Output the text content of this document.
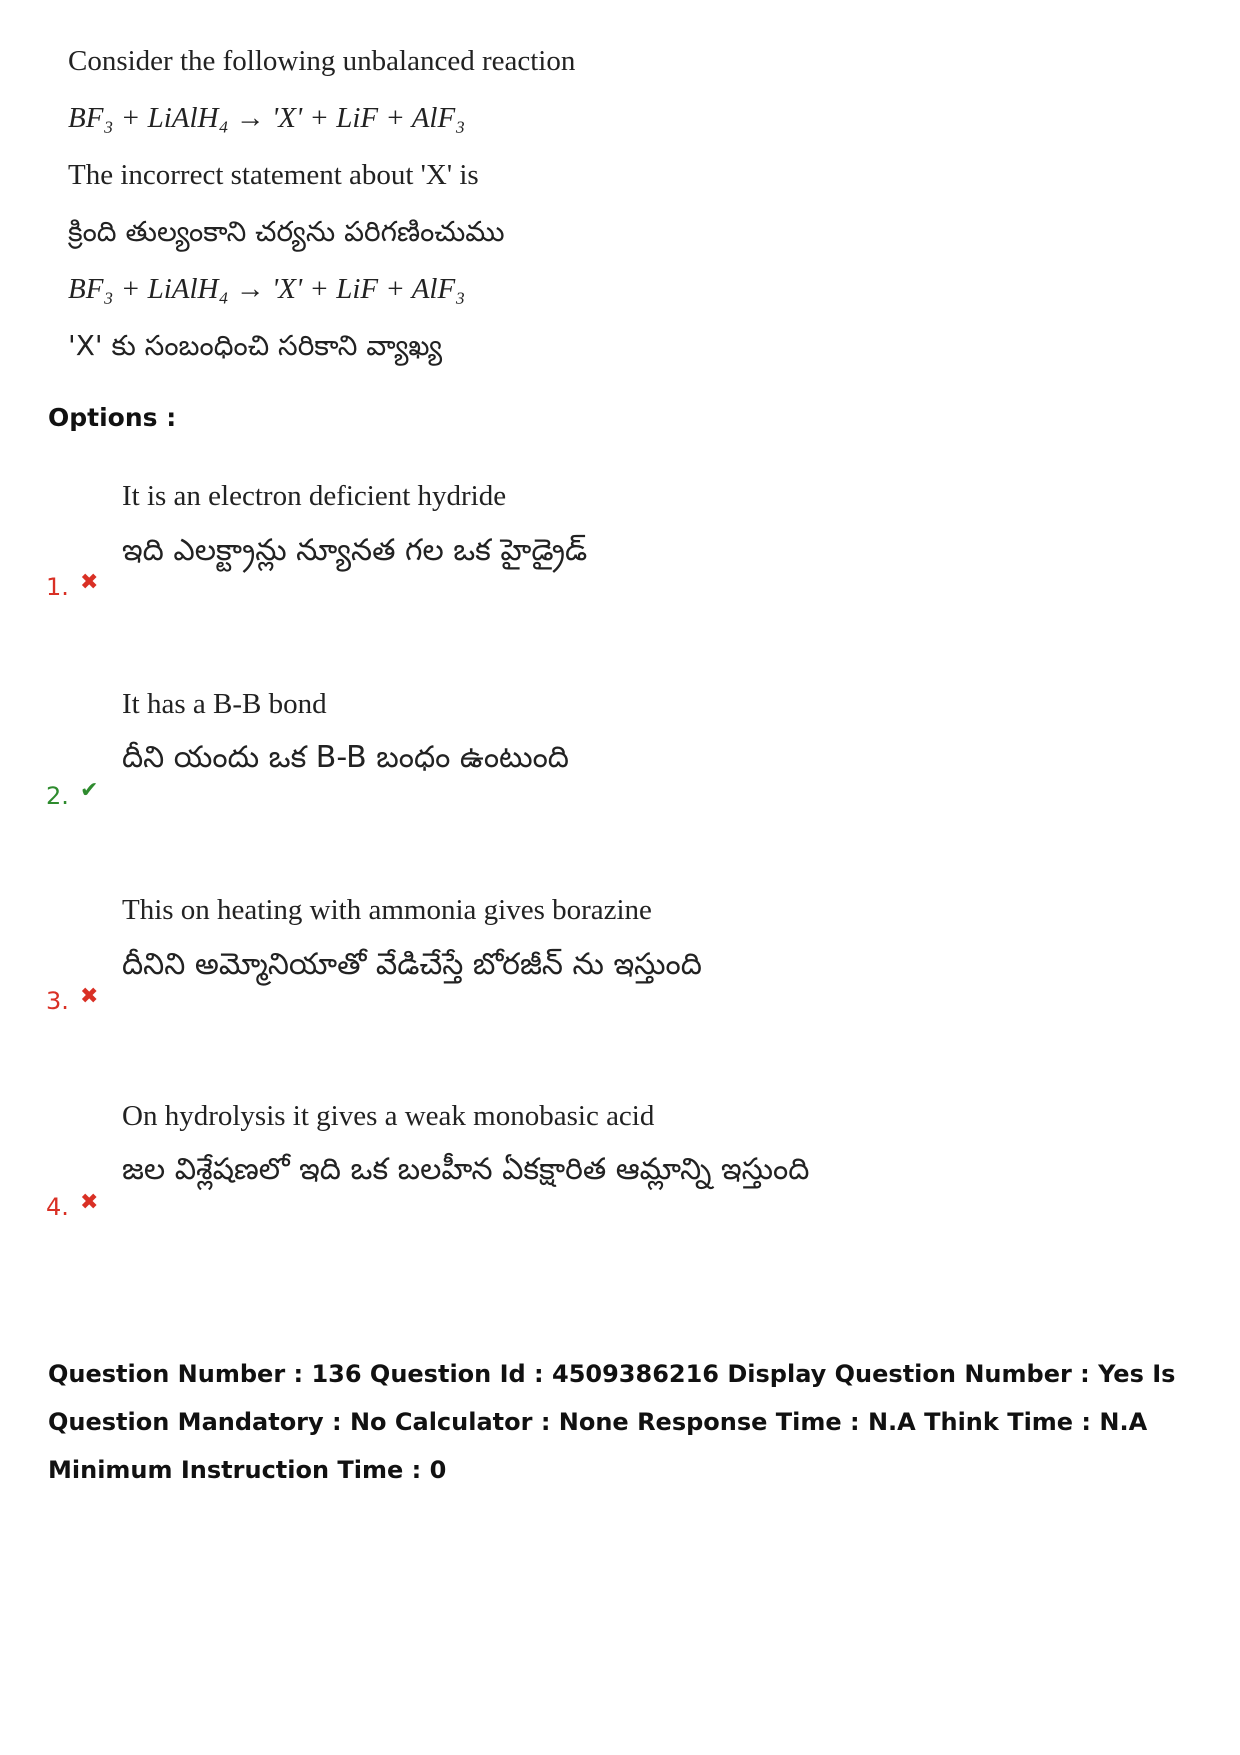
Consider the following unbalanced reaction
BF₃ + LiAlH₄ → 'X' + LiF + AlF₃
The incorrect statement about 'X' is
క్రింది తుల్యంకాని చర్యను పరిగణించుము
BF₃ + LiAlH₄ → 'X' + LiF + AlF₃
'X' కు సంబంధించి సరికాని వ్యాఖ్య
Options :
It is an electron deficient hydride
ఇది ఎలక్ట్రాన్లు న్యూనత గల ఒక హైడ్రైడ్
1. ✖
It has a B-B bond
దీని యందు ఒక B-B బంధం ఉంటుంది
2. ✔
This on heating with ammonia gives borazine
దీనిని అమ్మోనియాతో వేడిచేస్తే బోరజీన్ ను ఇస్తుంది
3. ✖
On hydrolysis it gives a weak monobasic acid
జల విశ్లేషణలో ఇది ఒక బలహీన ఏకక్షారిత ఆమ్లాన్ని ఇస్తుంది
4. ✖
Question Number : 136 Question Id : 4509386216 Display Question Number : Yes Is Question Mandatory : No Calculator : None Response Time : N.A Think Time : N.A Minimum Instruction Time : 0
